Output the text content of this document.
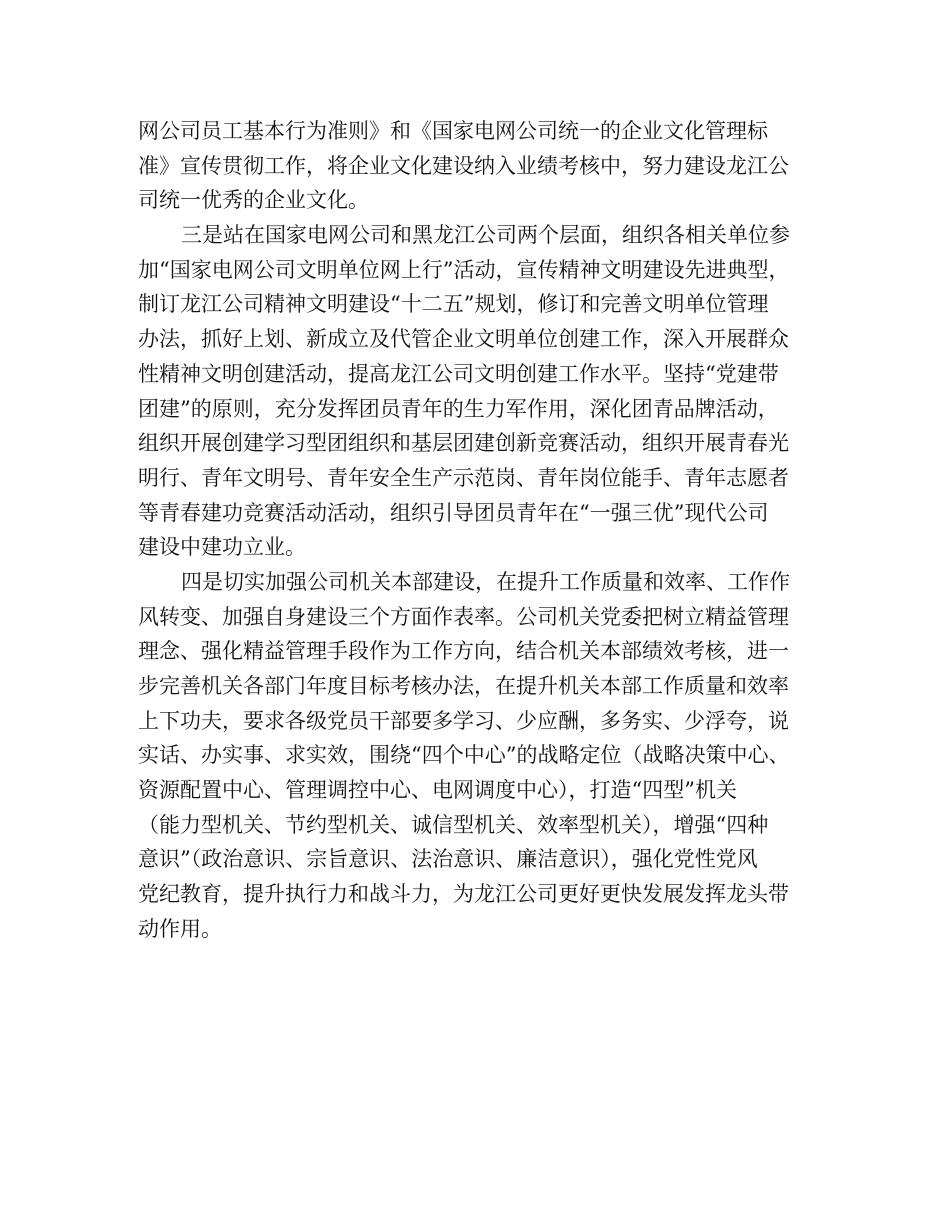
网公司员工基本行为准则》和《国家电网公司统一的企业文化管理标
准》宣传贯彻工作，将企业文化建设纳入业绩考核中，努力建设龙江公
司统一优秀的企业文化。
三是站在国家电网公司和黑龙江公司两个层面，组织各相关单位参
加“国家电网公司文明单位网上行”活动，宣传精神文明建设先进典型，
制订龙江公司精神文明建设“十二五”规划，修订和完善文明单位管理
办法，抓好上划、新成立及代管企业文明单位创建工作，深入开展群众
性精神文明创建活动，提高龙江公司文明创建工作水平。坚持“党建带
团建”的原则，充分发挥团员青年的生力军作用，深化团青品牌活动，
组织开展创建学习型团组织和基层团建创新竞赛活动，组织开展青春光
明行、青年文明号、青年安全生产示范岗、青年岗位能手、青年志愿者
等青春建功竞赛活动活动，组织引导团员青年在“一强三优”现代公司
建设中建功立业。
四是切实加强公司机关本部建设，在提升工作质量和效率、工作作
风转变、加强自身建设三个方面作表率。公司机关党委把树立精益管理
理念、强化精益管理手段作为工作方向，结合机关本部绩效考核，进一
步完善机关各部门年度目标考核办法，在提升机关本部工作质量和效率
上下功夫，要求各级党员干部要多学习、少应酬，多务实、少浮夸，说
实话、办实事、求实效，围绕“四个中心”的战略定位（战略决策中心、
资源配置中心、管理调控中心、电网调度中心），打造“四型”机关
（能力型机关、节约型机关、诚信型机关、效率型机关），增强“四种
意识”（政治意识、宗旨意识、法治意识、廉洁意识），强化党性党风
党纪教育，提升执行力和战斗力，为龙江公司更好更快发展发挥龙头带
动作用。
